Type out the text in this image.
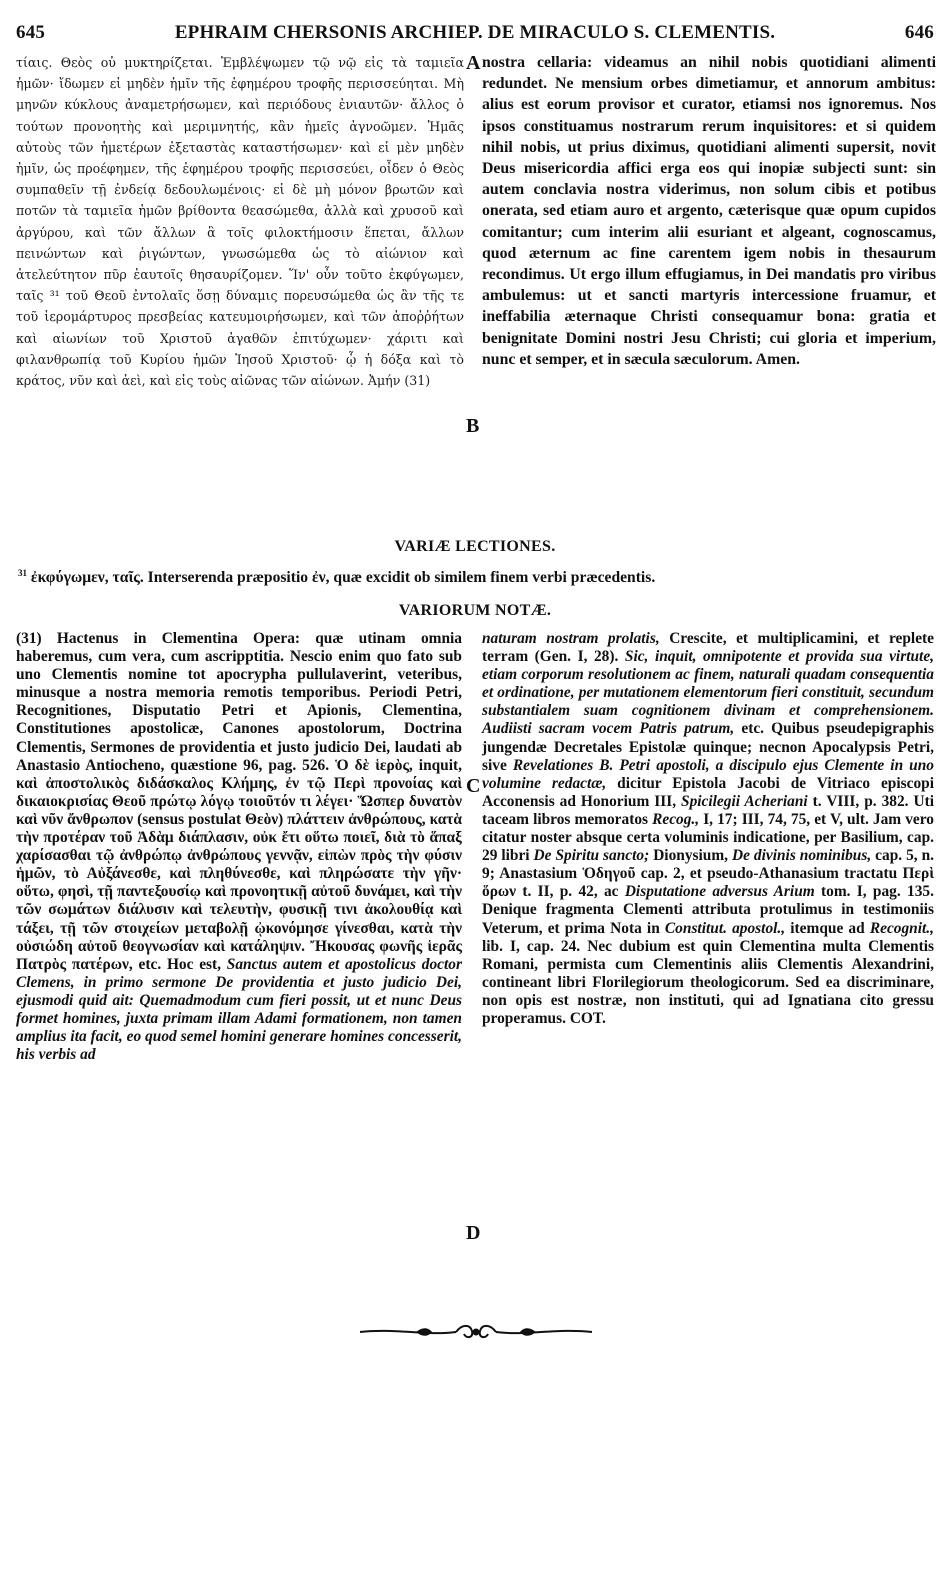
645	EPHRAIM CHERSONIS ARCHIEP. DE MIRACULO S. CLEMENTIS.	646

τίαις. Θεὸς οὐ μυκτηρίζεται. Ἐμβλέψωμεν τῷ νῷ εἰς τὰ ταμιεῖα ἡμῶν· ἴδωμεν εἰ μηδὲν ἡμῖν τῆς ἐφημέρου τροφῆς περισσεύηται. Μὴ μηνῶν κύκλους ἀναμετρήσωμεν, καὶ περιόδους ἐνιαυτῶν· ἄλλος ὁ τούτων προνοητὴς καὶ μεριμνητής, κἂν ἡμεῖς ἀγνοῶμεν. Ἡμᾶς αὐτοὺς τῶν ἡμετέρων ἐξεταστὰς καταστήσωμεν· καὶ εἰ μὲν μηδὲν ἡμῖν, ὡς προέφημεν, τῆς ἐφημέρου τροφῆς περισσεύει, οἶδεν ὁ Θεὸς συμπαθεῖν τῇ ἐνδείᾳ δεδουλωμένοις· εἰ δὲ μὴ μόνον βρωτῶν καὶ ποτῶν τὰ ταμιεῖα ἡμῶν βρίθοντα θεασώμεθα, ἀλλὰ καὶ χρυσοῦ καὶ ἀργύρου, καὶ τῶν ἄλλων ἃ τοῖς φιλοκτήμοσιν ἕπεται, ἄλλων πεινώντων καὶ ῥιγώντων, γνωσώμεθα ὡς τὸ αἰώνιον καὶ ἀτελεύτητον πῦρ ἑαυτοῖς θησαυρίζομεν. Ἵν' οὖν τοῦτο ἐκφύγωμεν, ταῖς ³¹ τοῦ Θεοῦ ἐντολαῖς ὅσῃ δύναμις πορευσώμεθα ὡς ἂν τῆς τε τοῦ ἱερομάρτυρος πρεσβείας κατευμοιρήσωμεν, καὶ τῶν ἀποῤῥήτων καὶ αἰωνίων τοῦ Χριστοῦ ἀγαθῶν ἐπιτύχωμεν· χάριτι καὶ φιλανθρωπίᾳ τοῦ Κυρίου ἡμῶν Ἰησοῦ Χριστοῦ· ᾧ ἡ δόξα καὶ τὸ κράτος, νῦν καὶ ἀεὶ, καὶ εἰς τοὺς αἰῶνας τῶν αἰώνων. Ἀμήν (31)

nostra cellaria: videamus an nihil nobis quotidiani alimenti redundet. Ne mensium orbes dimetiamur, et annorum ambitus: alius est eorum provisor et curator, etiamsi nos ignoremus. Nos ipsos constituamus nostrarum rerum inquisitores: et si quidem nihil nobis, ut prius diximus, quotidiani alimenti supersit, novit Deus misericordia affici erga eos qui inopiæ subjecti sunt: sin autem conclavia nostra viderimus, non solum cibis et potibus onerata, sed etiam auro et argento, cæterisque quæ opum cupidos comitantur; cum interim alii esuriant et algeant, cognoscamus, quod æternum ac fine carentem igem nobis in thesaurum recondimus. Ut ergo illum effugiamus, in Dei mandatis pro viribus ambulemus: ut et sancti martyris intercessione fruamur, et ineffabilia æternaque Christi consequamur bona: gratia et benignitate Domini nostri Jesu Christi; cui gloria et imperium, nunc et semper, et in sæcula sæculorum. Amen.

A
B
C
D
VARIÆ LECTIONES.
$^{31}$ ἐκφύγωμεν, ταῖς. Interserenda præpositio ἐν, quæ excidit ob similem finem verbi præcedentis.
VARIORUM NOTÆ.

(31) Hactenus in Clementina Opera: quæ utinam omnia haberemus, cum vera, cum ascripptitia. Nescio enim quo fato sub uno Clementis nomine tot apocrypha pullulaverint, veteribus, minusque a nostra memoria remotis temporibus. Periodi Petri, Recognitiones, Disputatio Petri et Apionis, Clementina, Constitutiones apostolicæ, Canones apostolorum, Doctrina Clementis, Sermones de providentia et justo judicio Dei, laudati ab Anastasio Antiocheno, quæstione 96, pag. 526. Ὁ δὲ ἱερὸς, inquit, καὶ ἀποστολικὸς διδάσκαλος Κλήμης, ἐν τῷ Περὶ προνοίας καὶ δικαιοκρισίας Θεοῦ πρώτῳ λόγῳ τοιοῦτόν τι λέγει· Ὥσπερ δυνατὸν καὶ νῦν ἄνθρωπον (sensus postulat Θεὸν) πλάττειν ἀνθρώπους, κατὰ τὴν προτέραν τοῦ Ἀδὰμ διάπλασιν, οὐκ ἔτι οὕτω ποιεῖ, διὰ τὸ ἅπαξ χαρίσασθαι τῷ ἀνθρώπῳ ἀνθρώπους γεννᾷν, εἰπὼν πρὸς τὴν φύσιν ἡμῶν, τὸ Αὐξάνεσθε, καὶ πληθύνεσθε, καὶ πληρώσατε τὴν γῆν· οὕτω, φησὶ, τῇ παντεξουσίῳ καὶ προνοητικῇ αὐτοῦ δυνάμει, καὶ τὴν τῶν σωμάτων διάλυσιν καὶ τελευτὴν, φυσικῇ τινι ἀκολουθίᾳ καὶ τάξει, τῇ τῶν στοιχείων μεταβολῇ ᾠκονόμησε γίνεσθαι, κατὰ τὴν οὐσιώδη αὐτοῦ θεογνωσίαν καὶ κατάληψιν. Ἤκουσας φωνῆς ἱερᾶς Πατρὸς πατέρων, etc. Hoc est, Sanctus autem et apostolicus doctor Clemens, in primo sermone De providentia et justo judicio Dei, ejusmodi quid ait: Quemadmodum cum fieri possit, ut et nunc Deus formet homines, juxta primam illam Adami formationem, non tamen amplius ita facit, eo quod semel homini generare homines concesserit, his verbis ad

naturam nostram prolatis, Crescite, et multiplicamini, et replete terram (Gen. I, 28). Sic, inquit, omnipotente et provida sua virtute, etiam corporum resolutionem ac finem, naturali quadam consequentia et ordinatione, per mutationem elementorum fieri constituit, secundum substantialem suam cognitionem divinam et comprehensionem. Audiisti sacram vocem Patris patrum, etc. Quibus pseudepigraphis jungendæ Decretales Epistolæ quinque; necnon Apocalypsis Petri, sive Revelationes B. Petri apostoli, a discipulo ejus Clemente in uno volumine redactæ, dicitur Epistola Jacobi de Vitriaco episcopi Acconensis ad Honorium III, Spicilegii Acheriani t. VIII, p. 382. Uti taceam libros memoratos Recog., I, 17; III, 74, 75, et V, ult. Jam vero citatur noster absque certa voluminis indicatione, per Basilium, cap. 29 libri De Spiritu sancto; Dionysium, De divinis nominibus, cap. 5, n. 9; Anastasium Ὁδηγοῦ cap. 2, et pseudo-Athanasium tractatu Περὶ ὅρων t. II, p. 42, ac Disputatione adversus Arium tom. I, pag. 135. Denique fragmenta Clementi attributa protulimus in testimoniis Veterum, et prima Nota in Constitut. apostol., itemque ad Recognit., lib. I, cap. 24. Nec dubium est quin Clementina multa Clementis Romani, permista cum Clementinis aliis Clementis Alexandrini, contineant libri Florilegiorum theologicorum. Sed ea discriminare, non opis est nostræ, non instituti, qui ad Ignatiana cito gressu properamus. COT.
